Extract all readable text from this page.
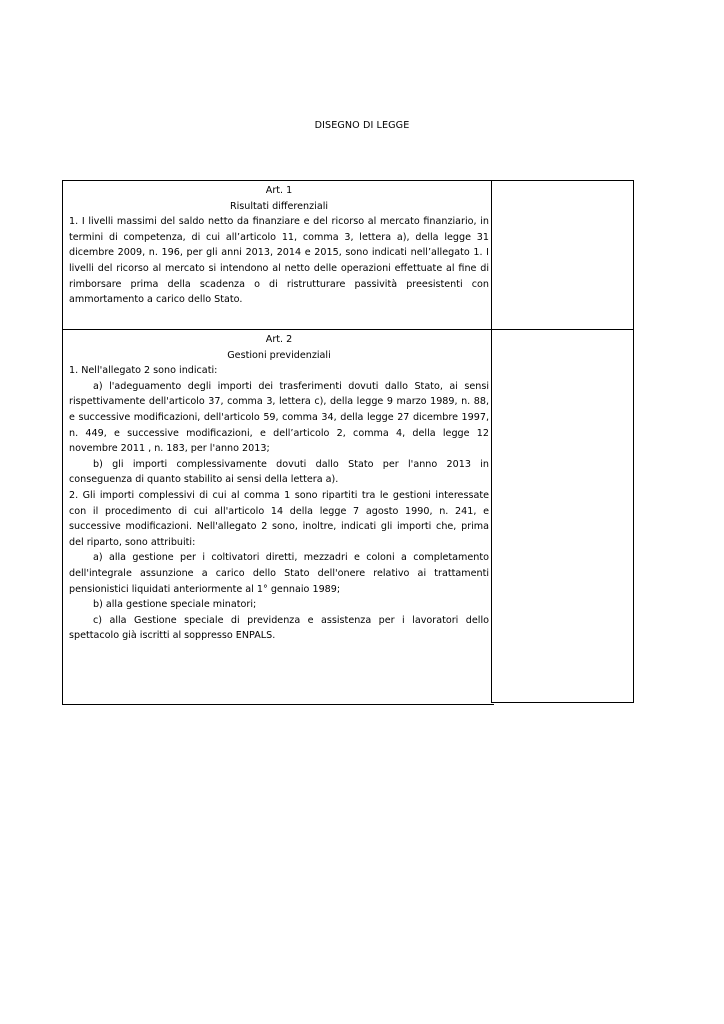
DISEGNO DI LEGGE
Art. 1
Risultati differenziali

1. I livelli massimi del saldo netto da finanziare e del ricorso al mercato finanziario, in termini di competenza, di cui all’articolo 11, comma 3, lettera a), della legge 31 dicembre 2009, n. 196, per gli anni 2013, 2014 e 2015, sono indicati nell’allegato 1. I livelli del ricorso al mercato si intendono al netto delle operazioni effettuate al fine di rimborsare prima della scadenza o di ristrutturare passività preesistenti con ammortamento a carico dello Stato.

Art. 2
Gestioni previdenziali

1. Nell'allegato 2 sono indicati:

a) l'adeguamento degli importi dei trasferimenti dovuti dallo Stato, ai sensi rispettivamente dell'articolo 37, comma 3, lettera c), della legge 9 marzo 1989, n. 88, e successive modificazioni, dell'articolo 59, comma 34, della legge 27 dicembre 1997, n. 449, e successive modificazioni, e dell’articolo 2, comma 4, della legge 12 novembre 2011 , n. 183, per l'anno 2013;

b) gli importi complessivamente dovuti dallo Stato per l'anno 2013 in conseguenza di quanto stabilito ai sensi della lettera a).

2. Gli importi complessivi di cui al comma 1 sono ripartiti tra le gestioni interessate con il procedimento di cui all'articolo 14 della legge 7 agosto 1990, n. 241, e successive modificazioni. Nell'allegato 2 sono, inoltre, indicati gli importi che, prima del riparto, sono attribuiti:

a) alla gestione per i coltivatori diretti, mezzadri e coloni a completamento dell'integrale assunzione a carico dello Stato dell'onere relativo ai trattamenti pensionistici liquidati anteriormente al 1° gennaio 1989;

b) alla gestione speciale minatori;

c) alla Gestione speciale di previdenza e assistenza per i lavoratori dello spettacolo già iscritti al soppresso ENPALS.
